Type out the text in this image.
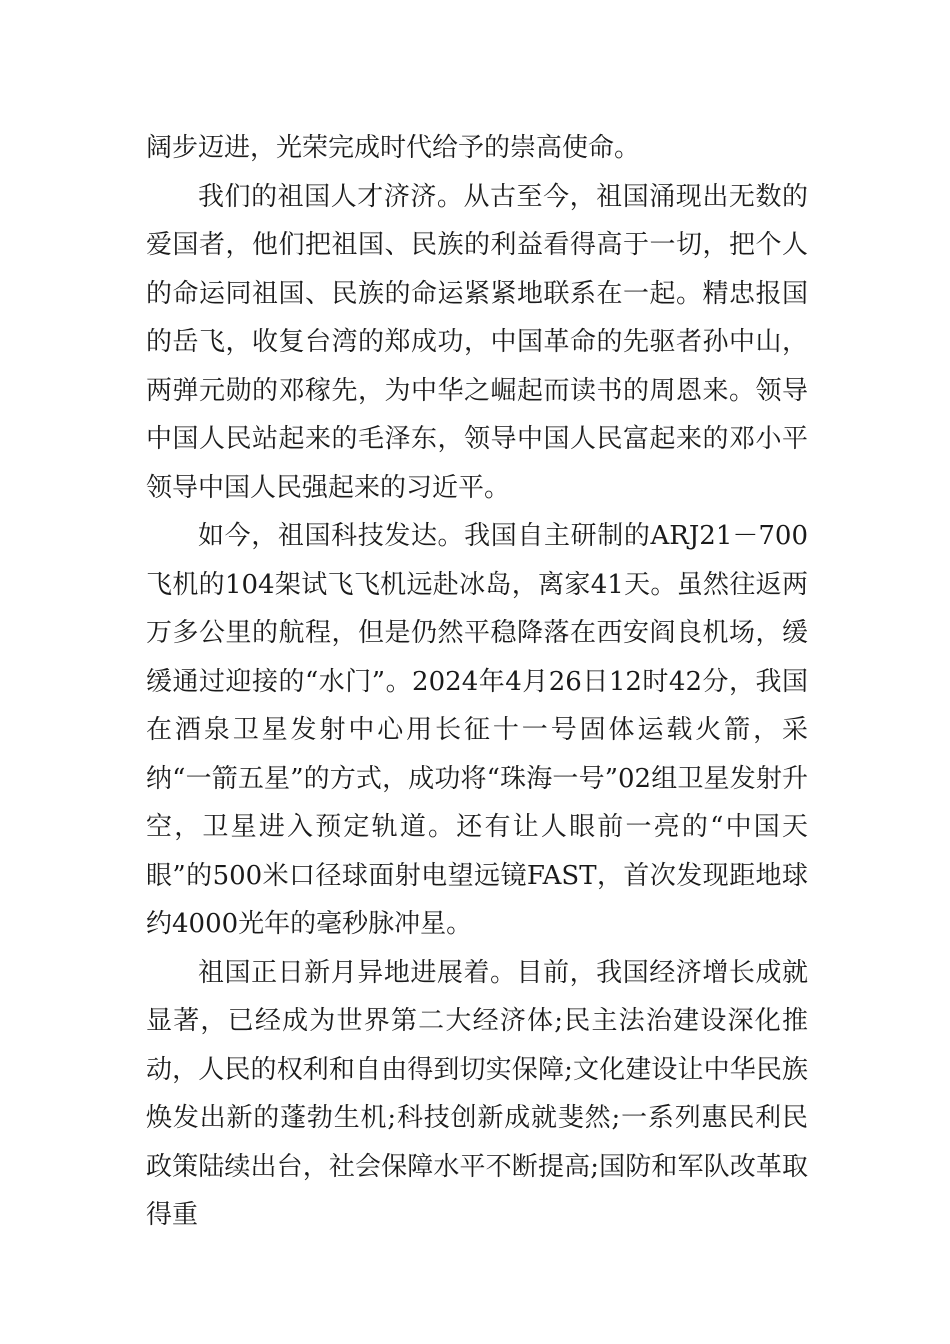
阔步迈进，光荣完成时代给予的崇高使命。

我们的祖国人才济济。从古至今，祖国涌现出无数的爱国者，他们把祖国、民族的利益看得高于一切，把个人的命运同祖国、民族的命运紧紧地联系在一起。精忠报国的岳飞，收复台湾的郑成功，中国革命的先驱者孙中山，两弹元勋的邓稼先，为中华之崛起而读书的周恩来。领导中国人民站起来的毛泽东，领导中国人民富起来的邓小平领导中国人民强起来的习近平。

如今，祖国科技发达。我国自主研制的ARJ21－700飞机的104架试飞飞机远赴冰岛，离家41天。虽然往返两万多公里的航程，但是仍然平稳降落在西安阎良机场，缓缓通过迎接的“水门”。2024年4月26日12时42分，我国在酒泉卫星发射中心用长征十一号固体运载火箭，采纳“一箭五星”的方式，成功将“珠海一号”02组卫星发射升空，卫星进入预定轨道。还有让人眼前一亮的“中国天眼”的500米口径球面射电望远镜FAST，首次发现距地球约4000光年的毫秒脉冲星。

祖国正日新月异地进展着。目前，我国经济增长成就显著，已经成为世界第二大经济体;民主法治建设深化推动，人民的权利和自由得到切实保障;文化建设让中华民族焕发出新的蓬勃生机;科技创新成就斐然;一系列惠民利民政策陆续出台，社会保障水平不断提高;国防和军队改革取得重
